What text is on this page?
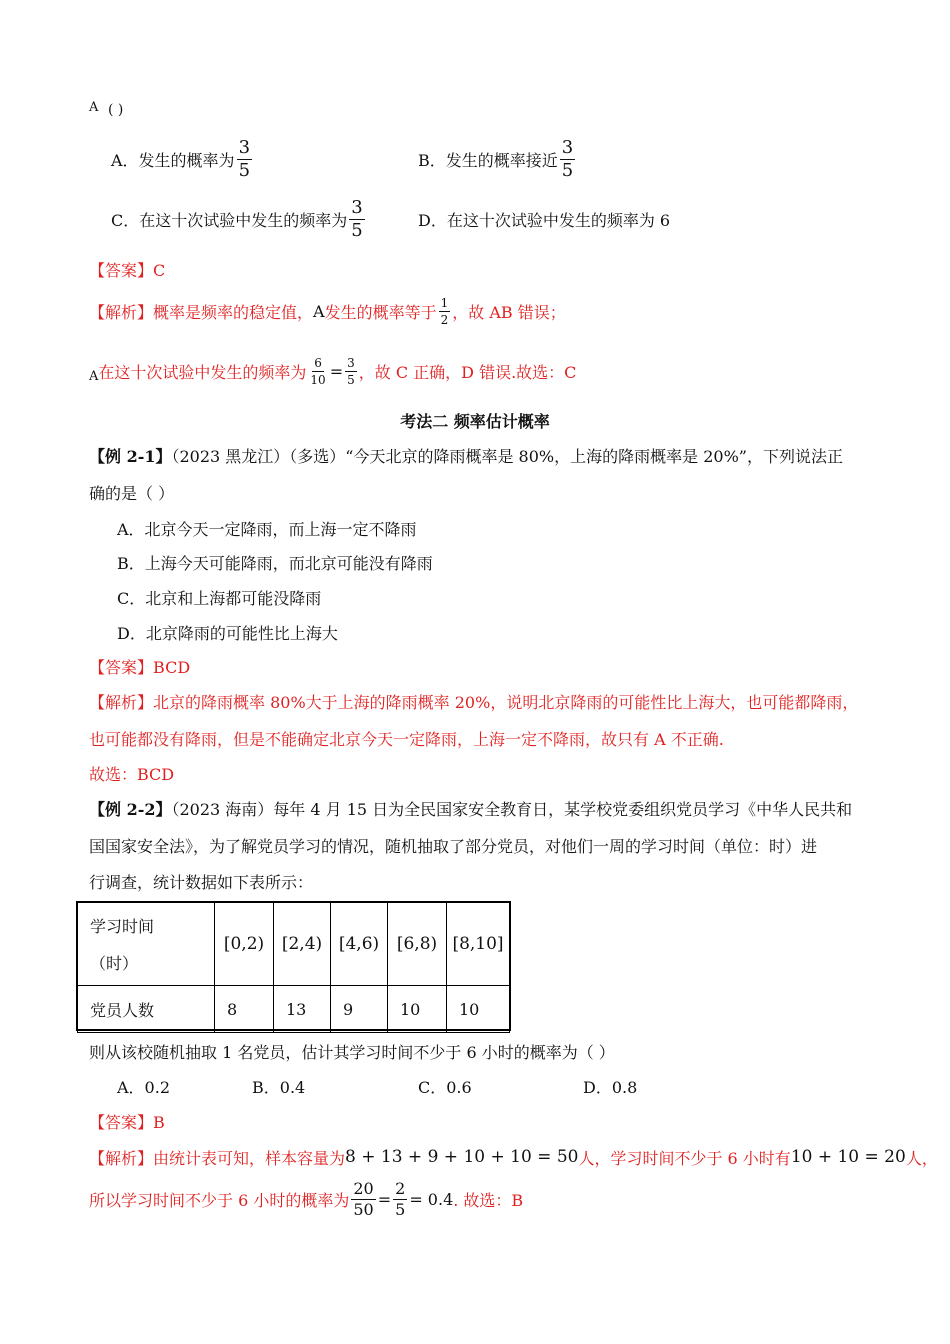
A ( )
A．发生的概率为 $\frac{3}{5}$	B．发生的概率接近 $\frac{3}{5}$
C．在这十次试验中发生的频率为 $\frac{3}{5}$	D．在这十次试验中发生的频率为 6
【答案】C
【解析】 概率是频率的稳定值， A 发生的概率等于 $\frac{1}{2}$ ，故 AB 错误；
A 在这十次试验中发生的频率为 $\frac{6}{10} = \frac{3}{5}$ ，故 C 正确，D 错误.故选：C
考法二 频率估计概率
【例 2-1】（2023 黑龙江）（多选）“今天北京的降雨概率是 80%，上海的降雨概率是 20%”，下列说法正
确的是（ ）
A．北京今天一定降雨，而上海一定不降雨
B．上海今天可能降雨，而北京可能没有降雨
C．北京和上海都可能没降雨
D．北京降雨的可能性比上海大
【答案】BCD
【解析】北京的降雨概率 80%大于上海的降雨概率 20%，说明北京降雨的可能性比上海大，也可能都降雨，
也可能都没有降雨，但是不能确定北京今天一定降雨，上海一定不降雨，故只有 A 不正确.
故选：BCD
【例 2-2】（2023 海南）每年 4 月 15 日为全民国家安全教育日，某学校党委组织党员学习《中华人民共和
国国家安全法》，为了解党员学习的情况，随机抽取了部分党员，对他们一周的学习时间（单位：时）进
行调查，统计数据如下表所示：
学习时间
（时）	[0,2)	[2,4)	[4,6)	[6,8)	[8,10]
党员人数	8	13	9	10	10
则从该校随机抽取 1 名党员，估计其学习时间不少于 6 小时的概率为（ ）
A．0.2	B．0.4	C．0.6	D．0.8
【答案】B
【解析】 由统计表可知，样本容量为 8 + 13 + 9 + 10 + 10 = 50 人，学习时间不少于 6 小时有 10 + 10 = 20 人，
所以学习时间不少于 6 小时的概率为 $\frac{20}{50} = \frac{2}{5} = 0.4$ . 故选：B
